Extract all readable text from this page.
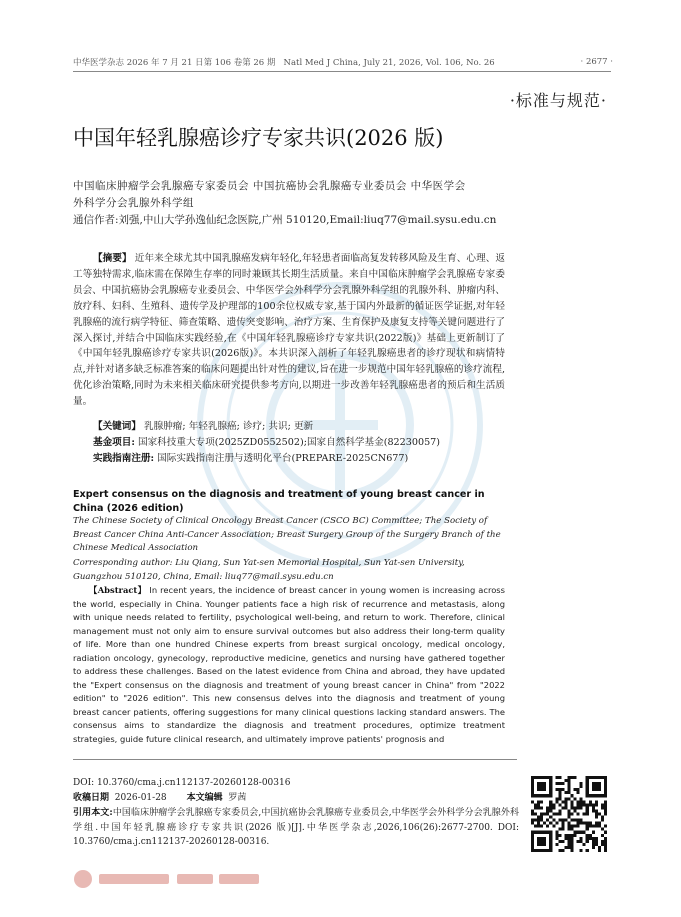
中华医学杂志 2026 年 7 月 21 日第 106 卷第 26 期 Natl Med J China, July 21, 2026, Vol. 106, No. 26	· 2677 ·
·标准与规范·
中国年轻乳腺癌诊疗专家共识(2026 版)
中国临床肿瘤学会乳腺癌专家委员会 中国抗癌协会乳腺癌专业委员会 中华医学会
外科学分会乳腺外科学组
通信作者:刘强,中山大学孙逸仙纪念医院,广州 510120,Email:liuq77@mail.sysu.edu.cn
【摘要】 近年来全球尤其中国乳腺癌发病年轻化,年轻患者面临高复发转移风险及生育、心理、返工等独特需求,临床需在保障生存率的同时兼顾其长期生活质量。来自中国临床肿瘤学会乳腺癌专家委员会、中国抗癌协会乳腺癌专业委员会、中华医学会外科学分会乳腺外科学组的乳腺外科、肿瘤内科、放疗科、妇科、生殖科、遗传学及护理部的100余位权威专家,基于国内外最新的循证医学证据,对年轻乳腺癌的流行病学特征、筛查策略、遗传突变影响、治疗方案、生育保护及康复支持等关键问题进行了深入探讨,并结合中国临床实践经验,在《中国年轻乳腺癌诊疗专家共识(2022版)》基础上更新制订了《中国年轻乳腺癌诊疗专家共识(2026版)》。本共识深入剖析了年轻乳腺癌患者的诊疗现状和病情特点,并针对诸多缺乏标准答案的临床问题提出针对性的建议,旨在进一步规范中国年轻乳腺癌的诊疗流程,优化诊治策略,同时为未来相关临床研究提供参考方向,以期进一步改善年轻乳腺癌患者的预后和生活质量。
【关键词】 乳腺肿瘤; 年轻乳腺癌; 诊疗; 共识; 更新
基金项目: 国家科技重大专项(2025ZD0552502);国家自然科学基金(82230057)
实践指南注册: 国际实践指南注册与透明化平台(PREPARE-2025CN677)
Expert consensus on the diagnosis and treatment of young breast cancer in China (2026 edition)
The Chinese Society of Clinical Oncology Breast Cancer (CSCO BC) Committee; The Society of Breast Cancer China Anti-Cancer Association; Breast Surgery Group of the Surgery Branch of the Chinese Medical Association
Corresponding author: Liu Qiang, Sun Yat-sen Memorial Hospital, Sun Yat-sen University, Guangzhou 510120, China, Email: liuq77@mail.sysu.edu.cn
【Abstract】 In recent years, the incidence of breast cancer in young women is increasing across the world, especially in China. Younger patients face a high risk of recurrence and metastasis, along with unique needs related to fertility, psychological well-being, and return to work. Therefore, clinical management must not only aim to ensure survival outcomes but also address their long-term quality of life. More than one hundred Chinese experts from breast surgical oncology, medical oncology, radiation oncology, gynecology, reproductive medicine, genetics and nursing have gathered together to address these challenges. Based on the latest evidence from China and abroad, they have updated the "Expert consensus on the diagnosis and treatment of young breast cancer in China" from "2022 edition" to "2026 edition". This new consensus delves into the diagnosis and treatment of young breast cancer patients, offering suggestions for many clinical questions lacking standard answers. The consensus aims to standardize the diagnosis and treatment procedures, optimize treatment strategies, guide future clinical research, and ultimately improve patients' prognosis and
DOI: 10.3760/cma.j.cn112137-20260128-00316
收稿日期 2026-01-28 本文编辑 罗茜
引用本文:中国临床肿瘤学会乳腺癌专家委员会,中国抗癌协会乳腺癌专业委员会,中华医学会外科学分会乳腺外科学组.中国年轻乳腺癌诊疗专家共识(2026 版)[J].中华医学杂志,2026,106(26):2677-2700. DOI: 10.3760/cma.j.cn112137-20260128-00316.
